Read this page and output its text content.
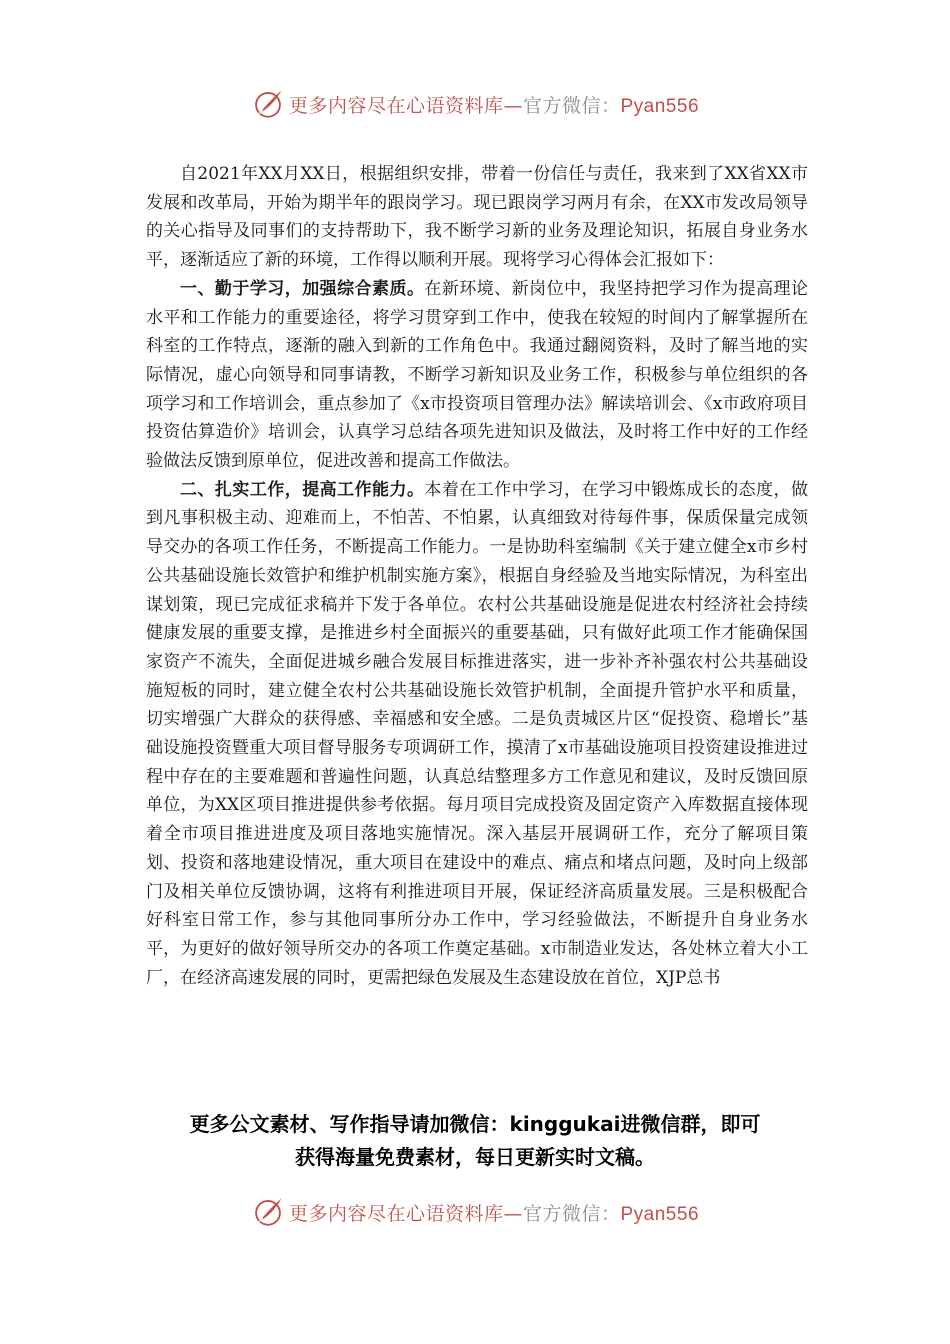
更多内容尽在心语资料库—官方微信：Pyan556

自2021年XX月XX日，根据组织安排，带着一份信任与责任，我来到了XX省XX市发展和改革局，开始为期半年的跟岗学习。现已跟岗学习两月有余，在XX市发改局领导的关心指导及同事们的支持帮助下，我不断学习新的业务及理论知识，拓展自身业务水平，逐渐适应了新的环境，工作得以顺利开展。现将学习心得体会汇报如下：

一、勤于学习，加强综合素质。在新环境、新岗位中，我坚持把学习作为提高理论水平和工作能力的重要途径，将学习贯穿到工作中，使我在较短的时间内了解掌握所在科室的工作特点，逐渐的融入到新的工作角色中。我通过翻阅资料，及时了解当地的实际情况，虚心向领导和同事请教，不断学习新知识及业务工作，积极参与单位组织的各项学习和工作培训会，重点参加了《x市投资项目管理办法》解读培训会、《x市政府项目投资估算造价》培训会，认真学习总结各项先进知识及做法，及时将工作中好的工作经验做法反馈到原单位，促进改善和提高工作做法。

二、扎实工作，提高工作能力。本着在工作中学习，在学习中锻炼成长的态度，做到凡事积极主动、迎难而上，不怕苦、不怕累，认真细致对待每件事，保质保量完成领导交办的各项工作任务，不断提高工作能力。一是协助科室编制《关于建立健全x市乡村公共基础设施长效管护和维护机制实施方案》，根据自身经验及当地实际情况，为科室出谋划策，现已完成征求稿并下发于各单位。农村公共基础设施是促进农村经济社会持续健康发展的重要支撑，是推进乡村全面振兴的重要基础，只有做好此项工作才能确保国家资产不流失，全面促进城乡融合发展目标推进落实，进一步补齐补强农村公共基础设施短板的同时，建立健全农村公共基础设施长效管护机制，全面提升管护水平和质量，切实增强广大群众的获得感、幸福感和安全感。二是负责城区片区“促投资、稳增长”基础设施投资暨重大项目督导服务专项调研工作，摸清了x市基础设施项目投资建设推进过程中存在的主要难题和普遍性问题，认真总结整理多方工作意见和建议，及时反馈回原单位，为XX区项目推进提供参考依据。每月项目完成投资及固定资产入库数据直接体现着全市项目推进进度及项目落地实施情况。深入基层开展调研工作，充分了解项目策划、投资和落地建设情况，重大项目在建设中的难点、痛点和堵点问题，及时向上级部门及相关单位反馈协调，这将有利推进项目开展，保证经济高质量发展。三是积极配合好科室日常工作，参与其他同事所分办工作中，学习经验做法，不断提升自身业务水平，为更好的做好领导所交办的各项工作奠定基础。x市制造业发达，各处林立着大小工厂，在经济高速发展的同时，更需把绿色发展及生态建设放在首位，XJP总书

更多公文素材、写作指导请加微信：kinggukai进微信群，即可
获得海量免费素材，每日更新实时文稿。
更多内容尽在心语资料库—官方微信：Pyan556
